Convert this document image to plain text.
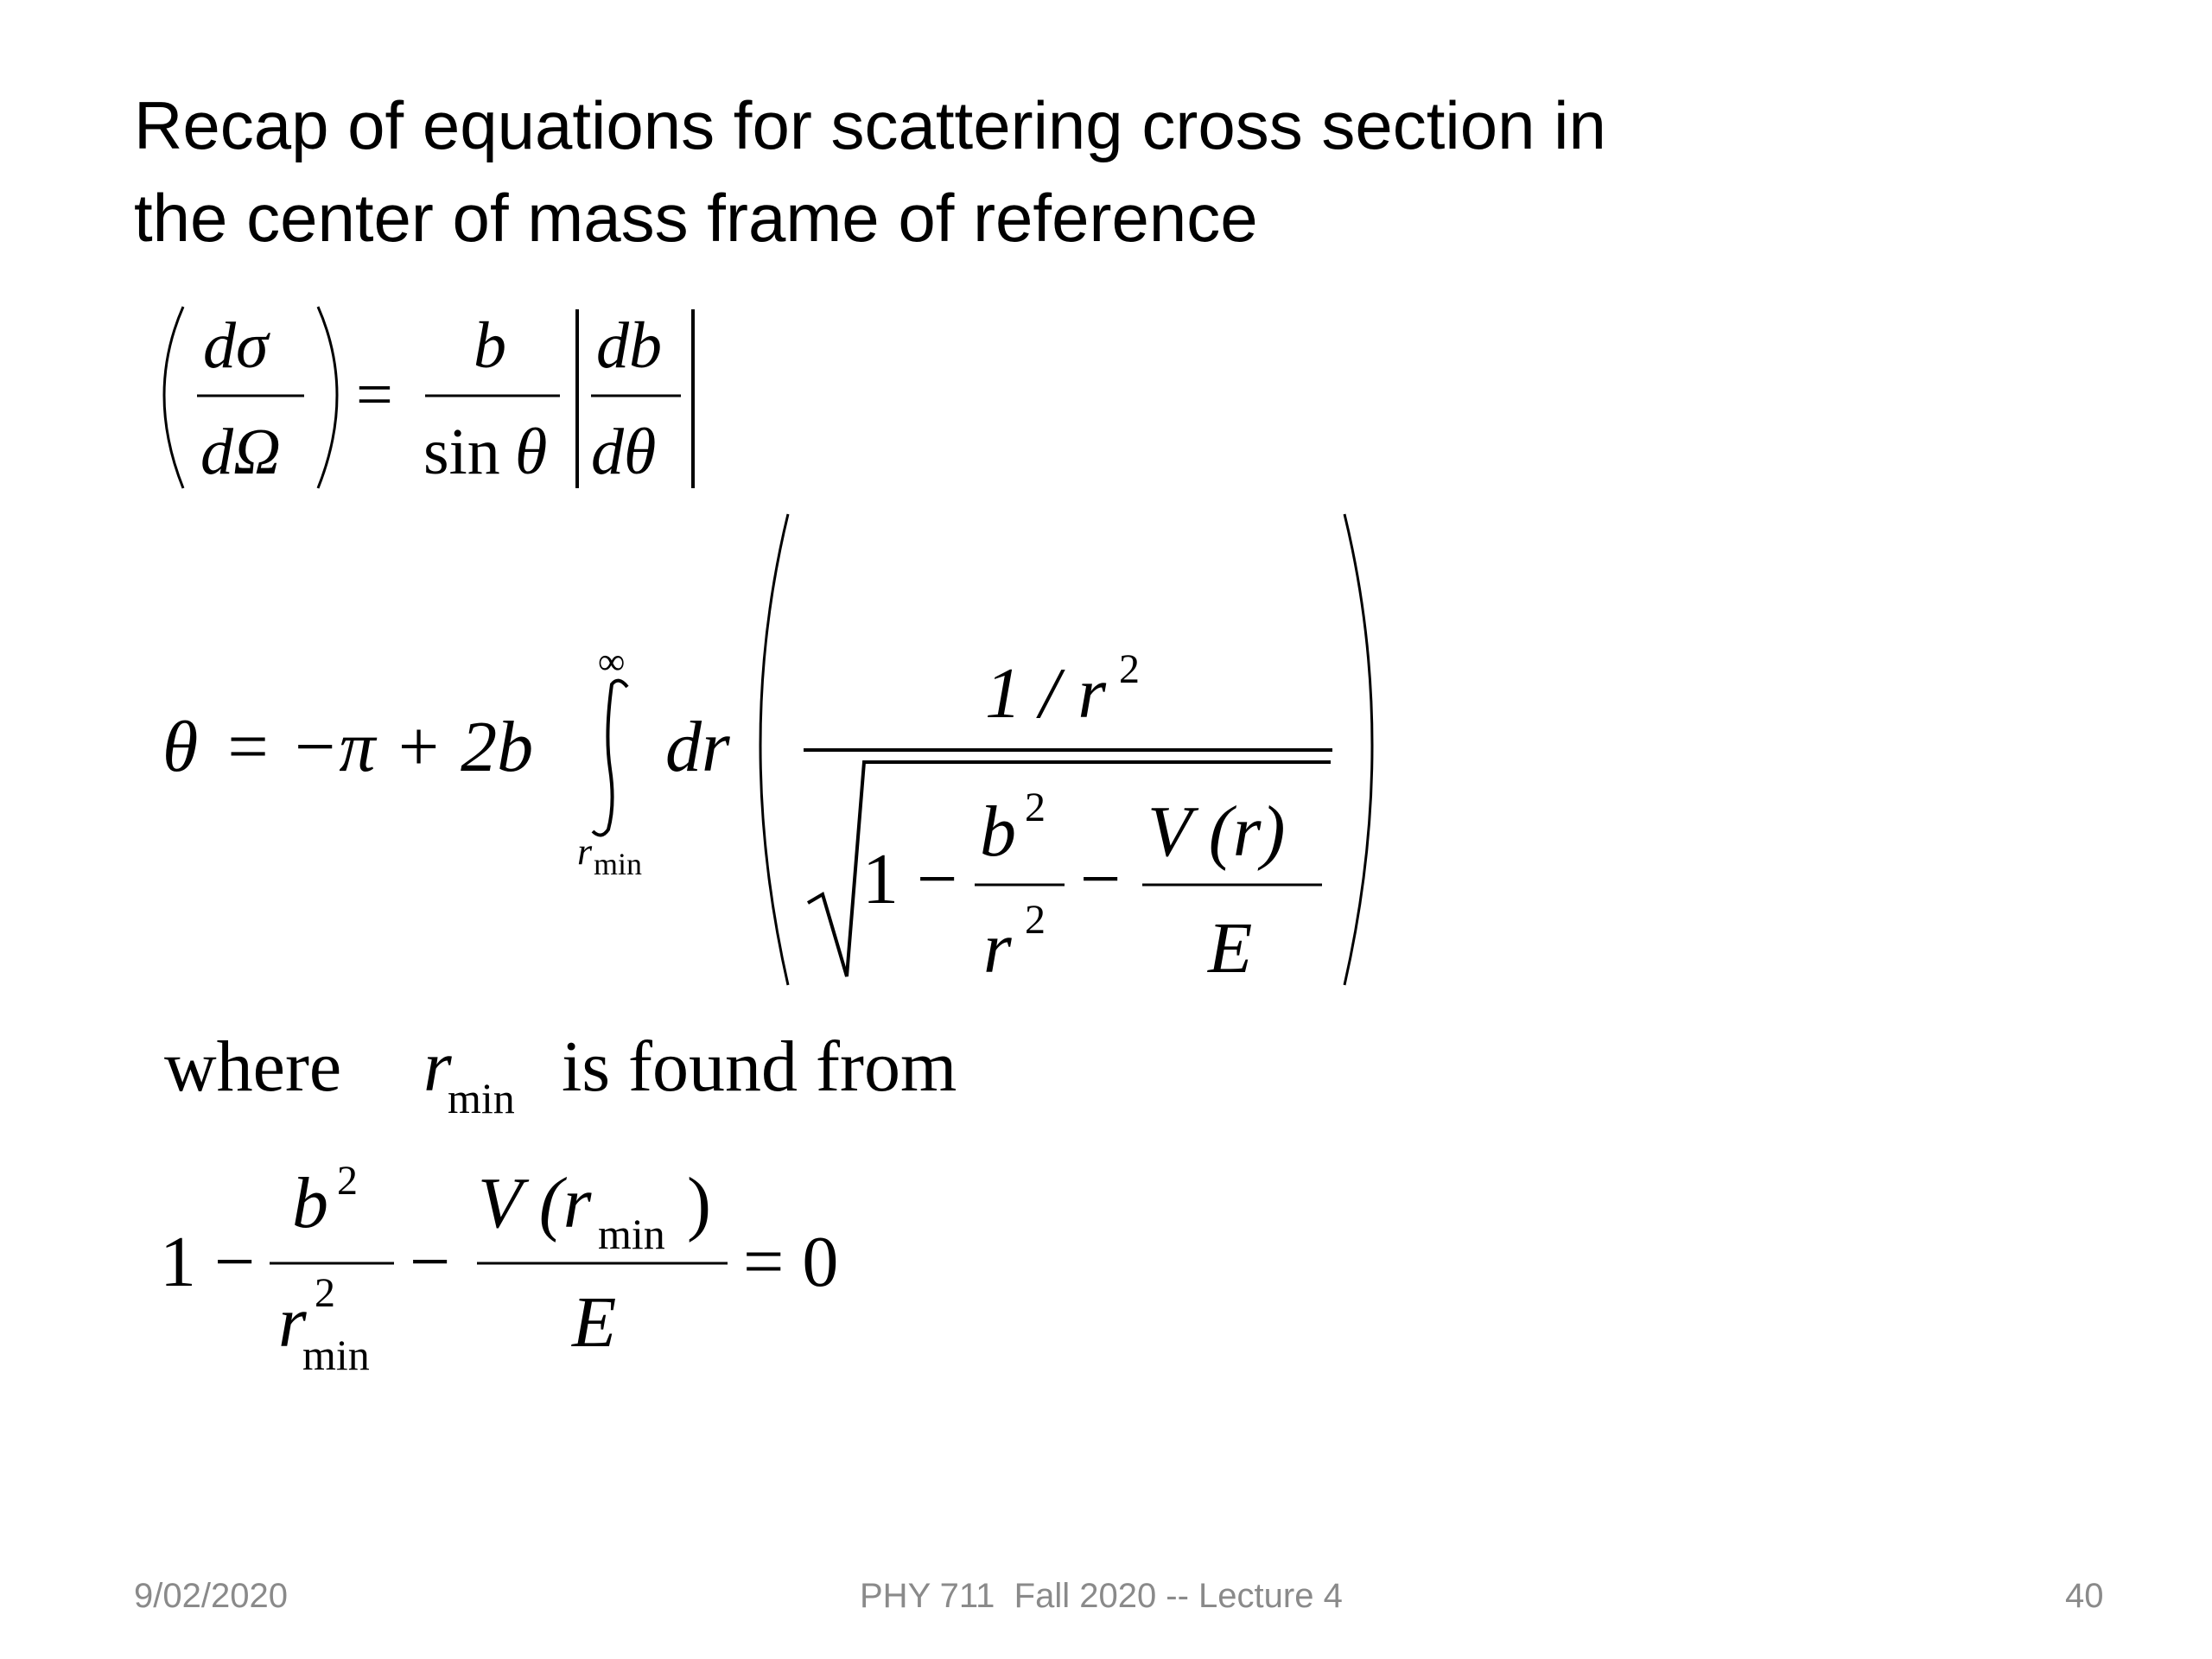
Recap of equations for scattering cross section in
the center of mass frame of reference
dσ
dΩ
=
b
sin θ
db
dθ
θ = −π + 2b
∞
r min
dr
1 / r 2
1 −
b 2
r 2
−
V (r)
E
where r
min is found from
1 −
b 2
r 2
min
−
V (r min )
E
= 0
9/02/2020	PHY 711  Fall 2020 -- Lecture 4	40
